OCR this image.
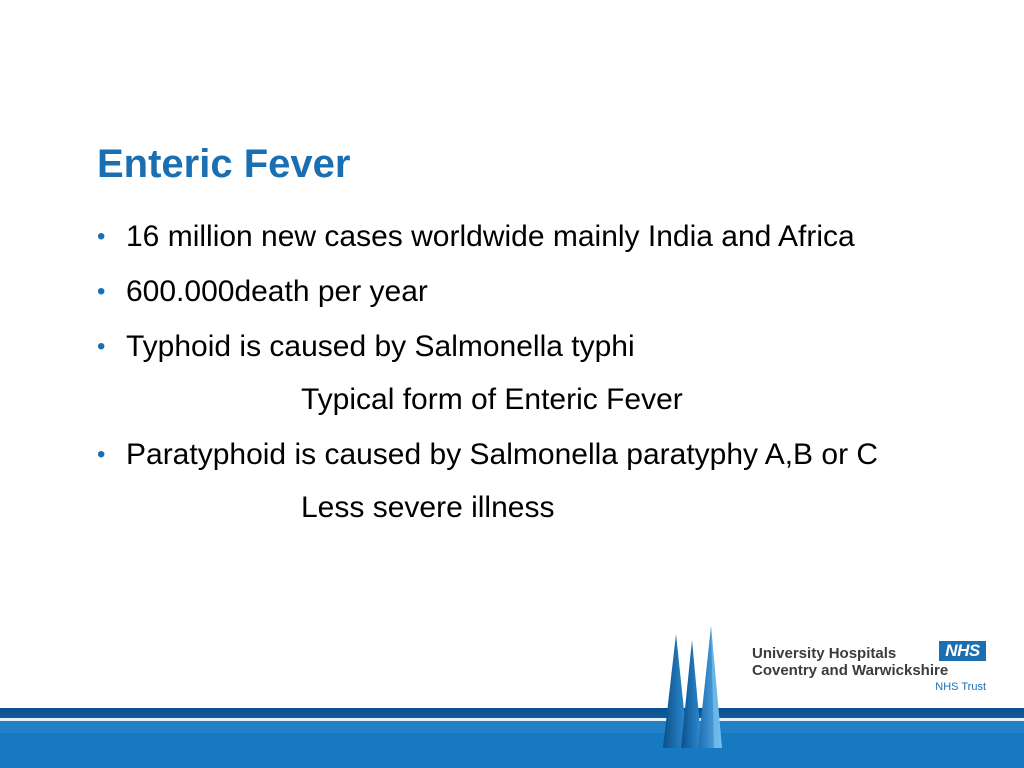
Enteric Fever
• 16 million new cases worldwide mainly India and Africa
• 600.000death per year
• Typhoid is caused by Salmonella typhi
Typical form of Enteric Fever
• Paratyphoid is caused by Salmonella paratyphy A,B or C
Less severe illness
University Hospitals	NHS
Coventry and Warwickshire
NHS Trust
